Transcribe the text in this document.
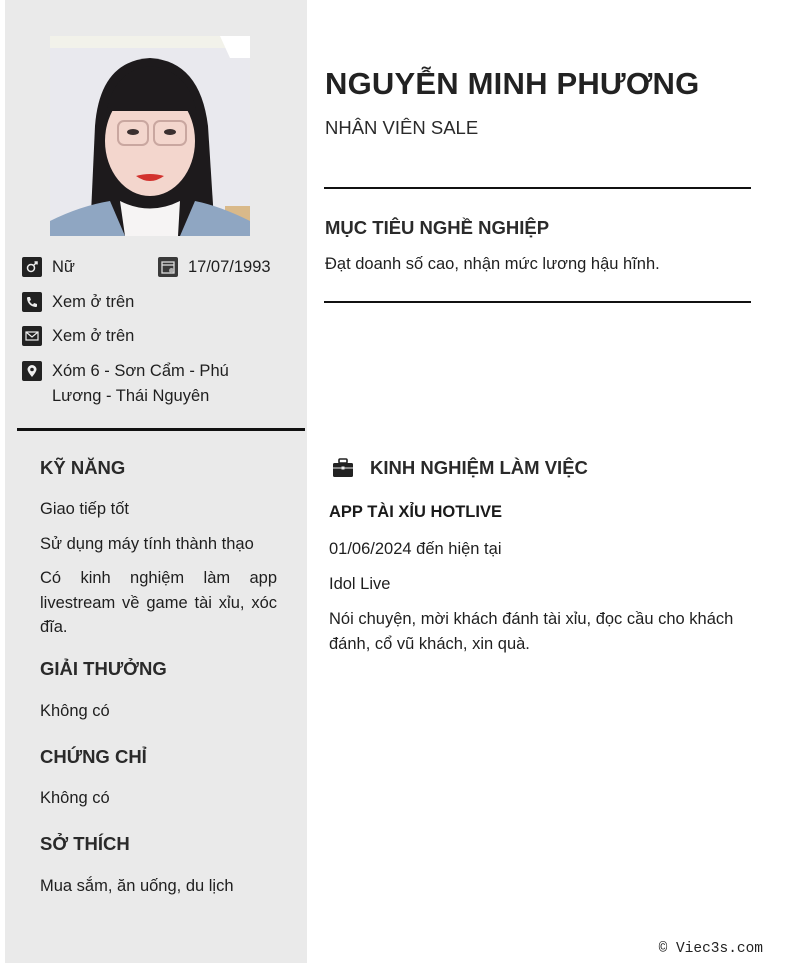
Nữ	17/07/1993
Xem ở trên
Xem ở trên
Xóm 6 - Sơn Cẩm - Phú
Lương - Thái Nguyên
KỸ NĂNG
Giao tiếp tốt
Sử dụng máy tính thành thạo
Có kinh nghiệm làm app livestream về game tài xỉu, xóc đĩa.
GIẢI THƯỞNG
Không có
CHỨNG CHỈ
Không có
SỞ THÍCH
Mua sắm, ăn uống, du lịch
NGUYỄN MINH PHƯƠNG
NHÂN VIÊN SALE
MỤC TIÊU NGHỀ NGHIỆP
Đạt doanh số cao, nhận mức lương hậu hĩnh.
KINH NGHIỆM LÀM VIỆC
APP TÀI XỈU HOTLIVE
01/06/2024 đến hiện tại
Idol Live
Nói chuyện, mời khách đánh tài xỉu, đọc cầu cho khách đánh, cổ vũ khách, xin quà.
© Viec3s.com
